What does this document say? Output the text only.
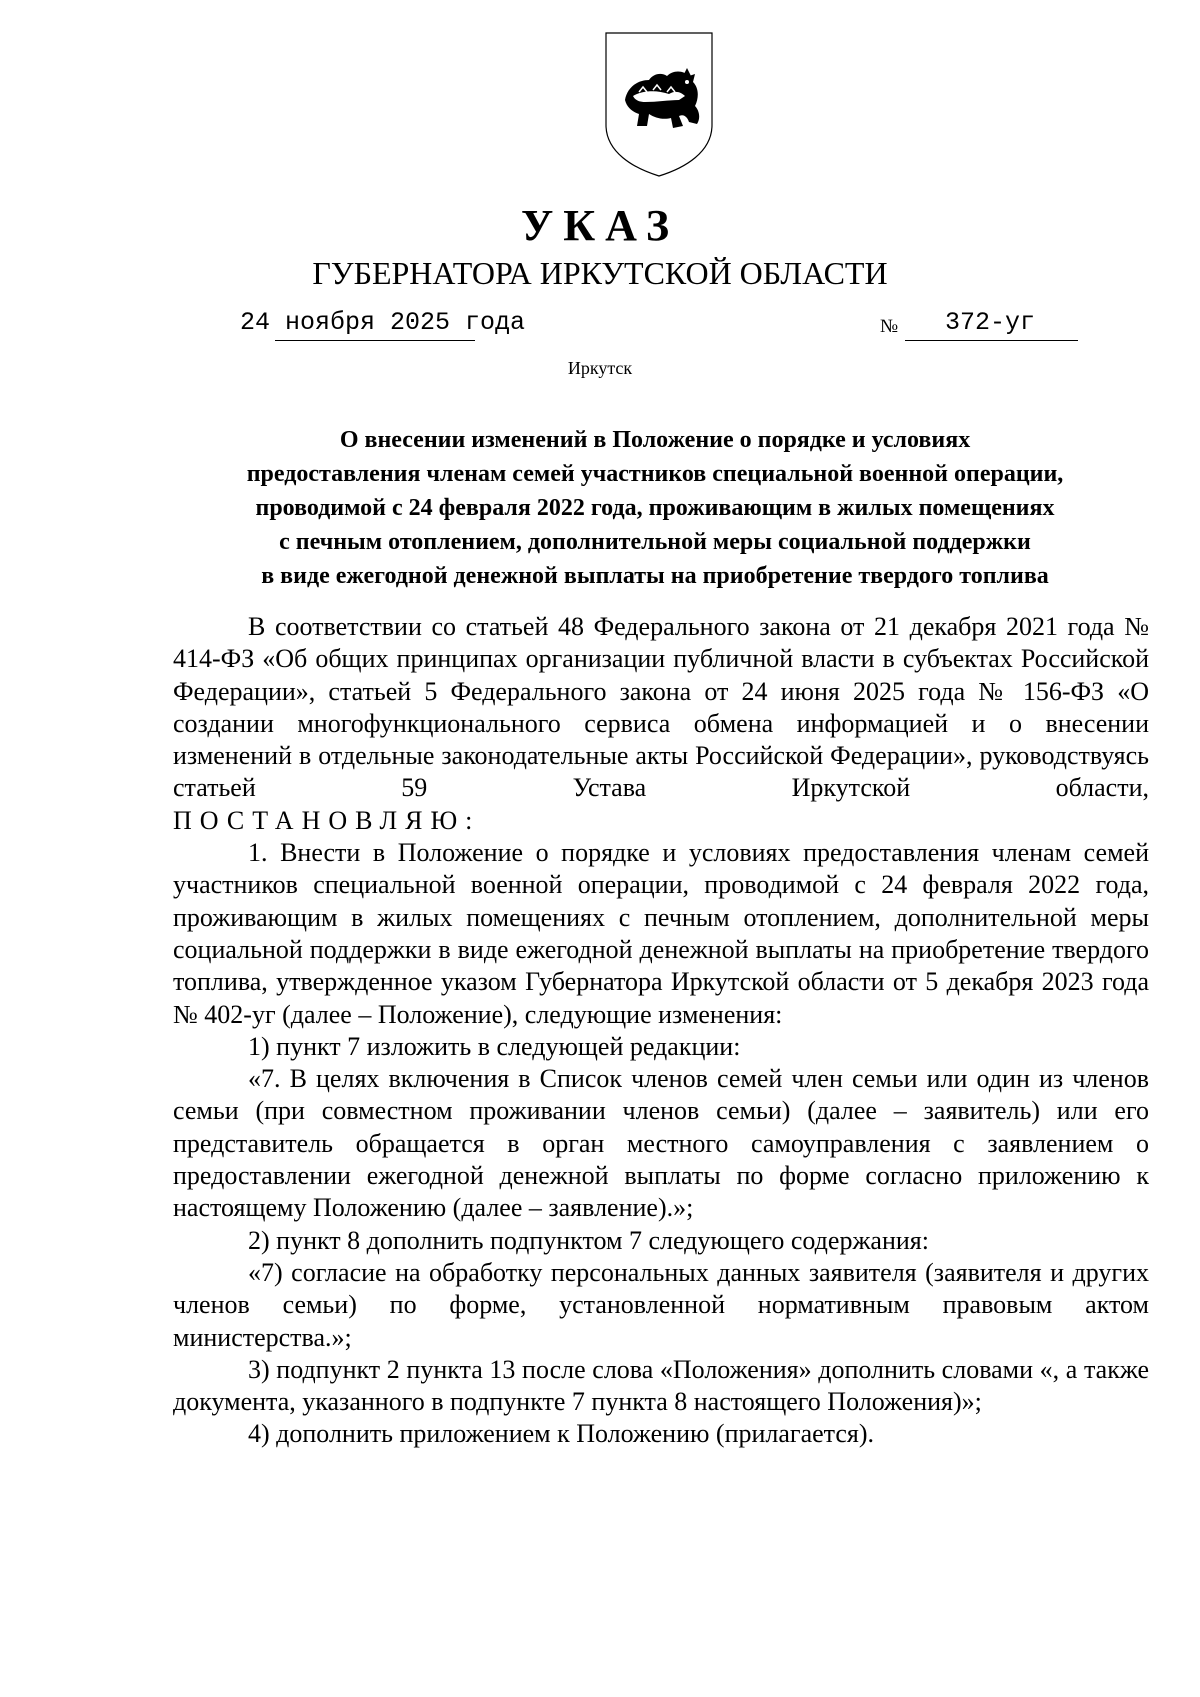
УКАЗ
ГУБЕРНАТОРА ИРКУТСКОЙ ОБЛАСТИ
24 ноября 2025 года	№ 372-уг
Иркутск
О внесении изменений в Положение о порядке и условиях
предоставления членам семей участников специальной военной операции,
проводимой с 24 февраля 2022 года, проживающим в жилых помещениях
с печным отоплением, дополнительной меры социальной поддержки
в виде ежегодной денежной выплаты на приобретение твердого топлива

В соответствии со статьей 48 Федерального закона от 21 декабря 2021 года № 414-ФЗ «Об общих принципах организации публичной власти в субъектах Российской Федерации», статьей 5 Федерального закона от 24 июня 2025 года № 156-ФЗ «О создании многофункционального сервиса обмена информацией и о внесении изменений в отдельные законодательные акты Российской Федерации», руководствуясь статьей 59 Устава Иркутской области,

ПОСТАНОВЛЯЮ:

1. Внести в Положение о порядке и условиях предоставления членам семей участников специальной военной операции, проводимой с 24 февраля 2022 года, проживающим в жилых помещениях с печным отоплением, дополнительной меры социальной поддержки в виде ежегодной денежной выплаты на приобретение твердого топлива, утвержденное указом Губернатора Иркутской области от 5 декабря 2023 года № 402-уг (далее – Положение), следующие изменения:

1) пункт 7 изложить в следующей редакции:

«7. В целях включения в Список членов семей член семьи или один из членов семьи (при совместном проживании членов семьи) (далее – заявитель) или его представитель обращается в орган местного самоуправления с заявлением о предоставлении ежегодной денежной выплаты по форме согласно приложению к настоящему Положению (далее – заявление).»;

2) пункт 8 дополнить подпунктом 7 следующего содержания:

«7) согласие на обработку персональных данных заявителя (заявителя и других членов семьи) по форме, установленной нормативным правовым актом министерства.»;

3) подпункт 2 пункта 13 после слова «Положения» дополнить словами «, а также документа, указанного в подпункте 7 пункта 8 настоящего Положения)»;

4) дополнить приложением к Положению (прилагается).
